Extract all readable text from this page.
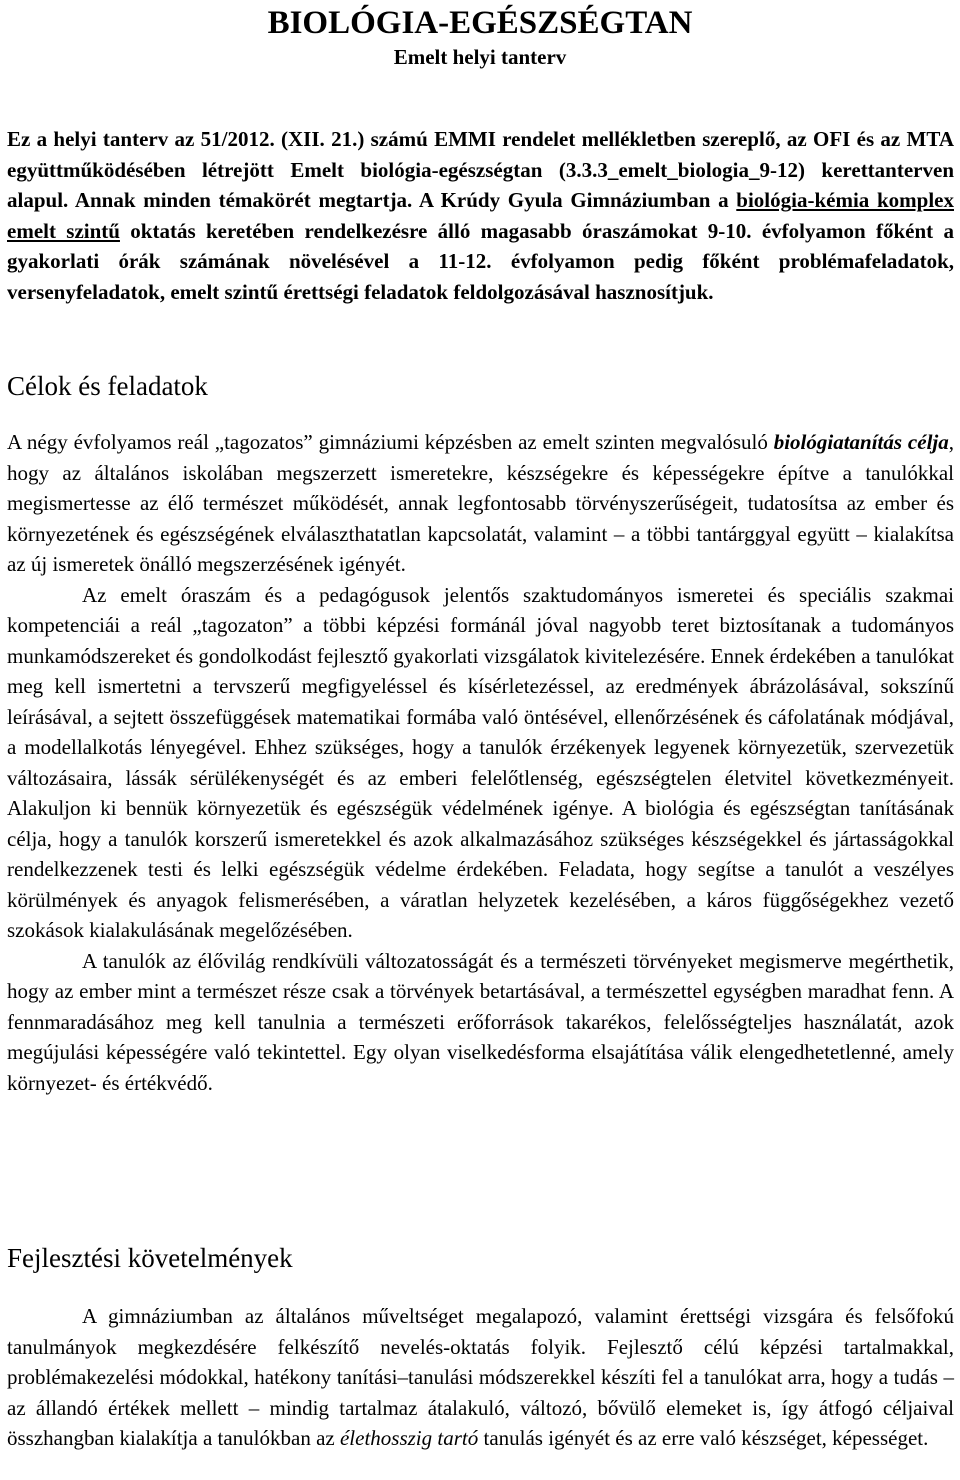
BIOLÓGIA-EGÉSZSÉGTAN
Emelt helyi tanterv

Ez a helyi tanterv az 51/2012. (XII. 21.) számú EMMI rendelet mellékletben szereplő, az OFI és az MTA együttműködésében létrejött Emelt biológia-egészségtan (3.3.3_emelt_biologia_9-12) kerettanterven alapul. Annak minden témakörét megtartja. A Krúdy Gyula Gimnáziumban a biológia-kémia komplex emelt szintű oktatás keretében rendelkezésre álló magasabb óraszámokat 9-10. évfolyamon főként a gyakorlati órák számának növelésével a 11-12. évfolyamon pedig főként problémafeladatok, versenyfeladatok, emelt szintű érettségi feladatok feldolgozásával hasznosítjuk.

Célok és feladatok

A négy évfolyamos reál „tagozatos” gimnáziumi képzésben az emelt szinten megvalósuló biológiatanítás célja, hogy az általános iskolában megszerzett ismeretekre, készségekre és képességekre építve a tanulókkal megismertesse az élő természet működését, annak legfontosabb törvényszerűségeit, tudatosítsa az ember és környezetének és egészségének elválaszthatatlan kapcsolatát, valamint – a többi tantárggyal együtt – kialakítsa az új ismeretek önálló megszerzésének igényét.

Az emelt óraszám és a pedagógusok jelentős szaktudományos ismeretei és speciális szakmai kompetenciái a reál „tagozaton” a többi képzési formánál jóval nagyobb teret biztosítanak a tudományos munkamódszereket és gondolkodást fejlesztő gyakorlati vizsgálatok kivitelezésére. Ennek érdekében a tanulókat meg kell ismertetni a tervszerű megfigyeléssel és kísérletezéssel, az eredmények ábrázolásával, sokszínű leírásával, a sejtett összefüggések matematikai formába való öntésével, ellenőrzésének és cáfolatának módjával, a modellalkotás lényegével. Ehhez szükséges, hogy a tanulók érzékenyek legyenek környezetük, szervezetük változásaira, lássák sérülékenységét és az emberi felelőtlenség, egészségtelen életvitel következményeit. Alakuljon ki bennük környezetük és egészségük védelmének igénye. A biológia és egészségtan tanításának célja, hogy a tanulók korszerű ismeretekkel és azok alkalmazásához szükséges készségekkel és jártasságokkal rendelkezzenek testi és lelki egészségük védelme érdekében. Feladata, hogy segítse a tanulót a veszélyes körülmények és anyagok felismerésében, a váratlan helyzetek kezelésében, a káros függőségekhez vezető szokások kialakulásának megelőzésében.

A tanulók az élővilág rendkívüli változatosságát és a természeti törvényeket megismerve megérthetik, hogy az ember mint a természet része csak a törvények betartásával, a természettel egységben maradhat fenn. A fennmaradásához meg kell tanulnia a természeti erőforrások takarékos, felelősségteljes használatát, azok megújulási képességére való tekintettel. Egy olyan viselkedésforma elsajátítása válik elengedhetetlenné, amely környezet- és értékvédő.

Fejlesztési követelmények

A gimnáziumban az általános műveltséget megalapozó, valamint érettségi vizsgára és felsőfokú tanulmányok megkezdésére felkészítő nevelés-oktatás folyik. Fejlesztő célú képzési tartalmakkal, problémakezelési módokkal, hatékony tanítási–tanulási módszerekkel készíti fel a tanulókat arra, hogy a tudás – az állandó értékek mellett – mindig tartalmaz átalakuló, változó, bővülő elemeket is, így átfogó céljaival összhangban kialakítja a tanulókban az élethosszig tartó tanulás igényét és az erre való készséget, képességet.
